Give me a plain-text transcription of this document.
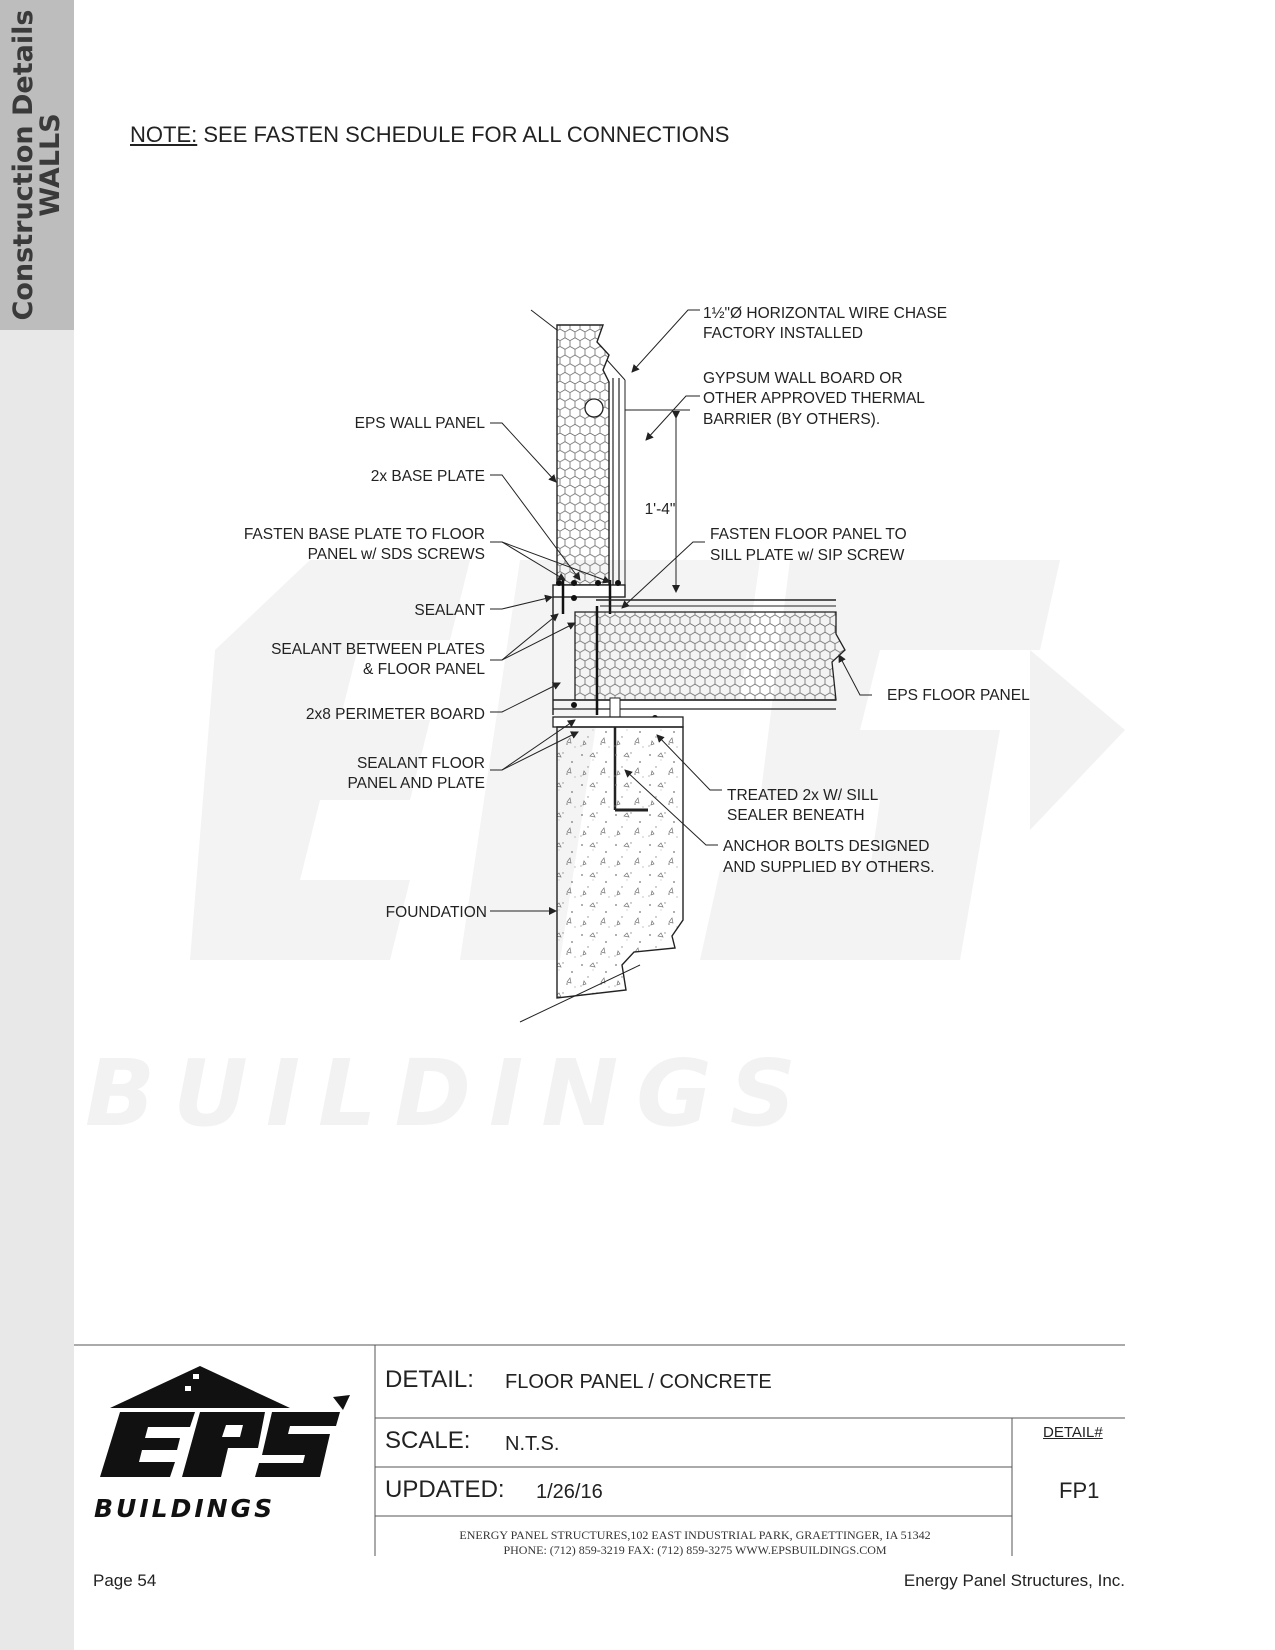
Construction Details
WALLS	NOTE: SEE FASTEN SCHEDULE FOR ALL CONNECTIONS
BUILDINGS
1½"Ø HORIZONTAL WIRE CHASE
FACTORY INSTALLED
GYPSUM WALL BOARD OR
OTHER APPROVED THERMAL
BARRIER (BY OTHERS).
EPS WALL PANEL
2x BASE PLATE
FASTEN BASE PLATE TO FLOOR
PANEL w/ SDS SCREWS
1'-4"
FASTEN FLOOR PANEL TO
SILL PLATE w/ SIP SCREW
SEALANT
SEALANT BETWEEN PLATES
& FLOOR PANEL
EPS FLOOR PANEL
2x8 PERIMETER BOARD
SEALANT FLOOR
PANEL AND PLATE
TREATED 2x W/ SILL
SEALER BENEATH
ANCHOR BOLTS DESIGNED
AND SUPPLIED BY OTHERS.
FOUNDATION
BUILDINGS
DETAIL: FLOOR PANEL / CONCRETE
SCALE: N.T.S.
UPDATED: 1/26/16
DETAIL#
FP1
ENERGY PANEL STRUCTURES,102 EAST INDUSTRIAL PARK, GRAETTINGER, IA 51342
PHONE: (712) 859-3219 FAX: (712) 859-3275 WWW.EPSBUILDINGS.COM
Page 54	Energy Panel Structures, Inc.
